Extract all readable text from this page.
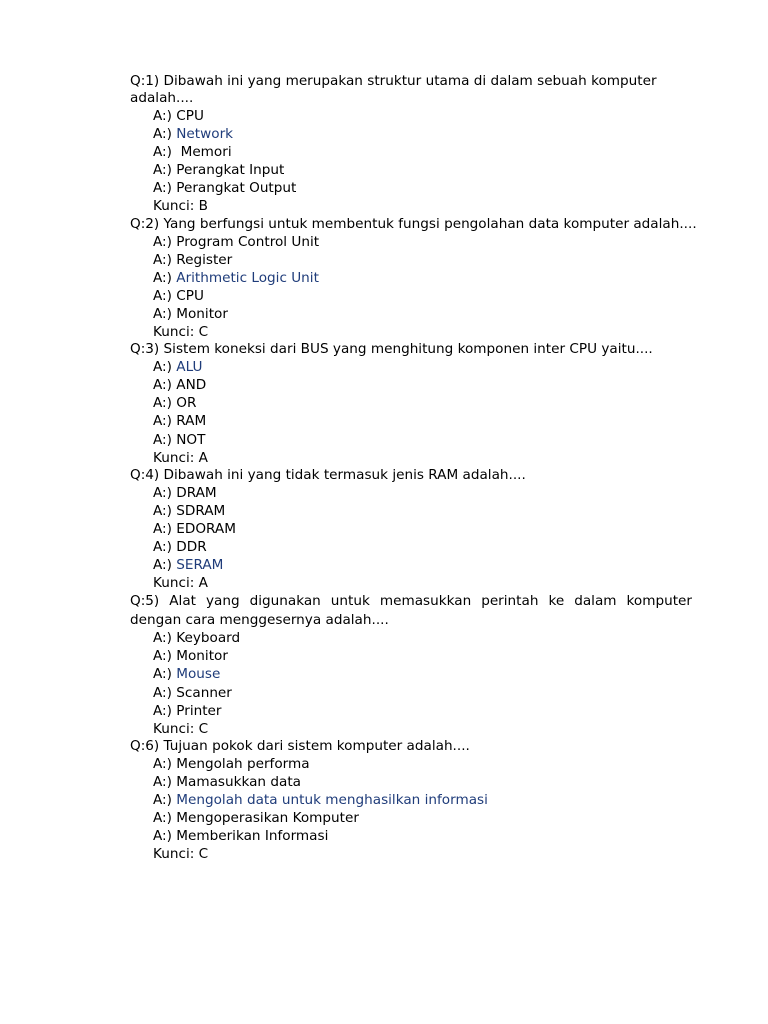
Q:1) Dibawah ini yang merupakan struktur utama di dalam sebuah komputer adalah....
A:) CPU
A:) Network
A:)  Memori
A:) Perangkat Input
A:) Perangkat Output
Kunci: B
Q:2) Yang berfungsi untuk membentuk fungsi pengolahan data komputer adalah....
A:) Program Control Unit
A:) Register
A:) Arithmetic Logic Unit
A:) CPU
A:) Monitor
Kunci: C
Q:3) Sistem koneksi dari BUS yang menghitung komponen inter CPU yaitu....
A:) ALU
A:) AND
A:) OR
A:) RAM
A:) NOT
Kunci: A
Q:4) Dibawah ini yang tidak termasuk jenis RAM adalah....
A:) DRAM
A:) SDRAM
A:) EDORAM
A:) DDR
A:) SERAM
Kunci: A
Q:5) Alat yang digunakan untuk memasukkan perintah ke dalam komputer dengan cara menggesernya adalah....
A:) Keyboard
A:) Monitor
A:) Mouse
A:) Scanner
A:) Printer
Kunci: C
Q:6) Tujuan pokok dari sistem komputer adalah....
A:) Mengolah performa
A:) Mamasukkan data
A:) Mengolah data untuk menghasilkan informasi
A:) Mengoperasikan Komputer
A:) Memberikan Informasi
Kunci: C
